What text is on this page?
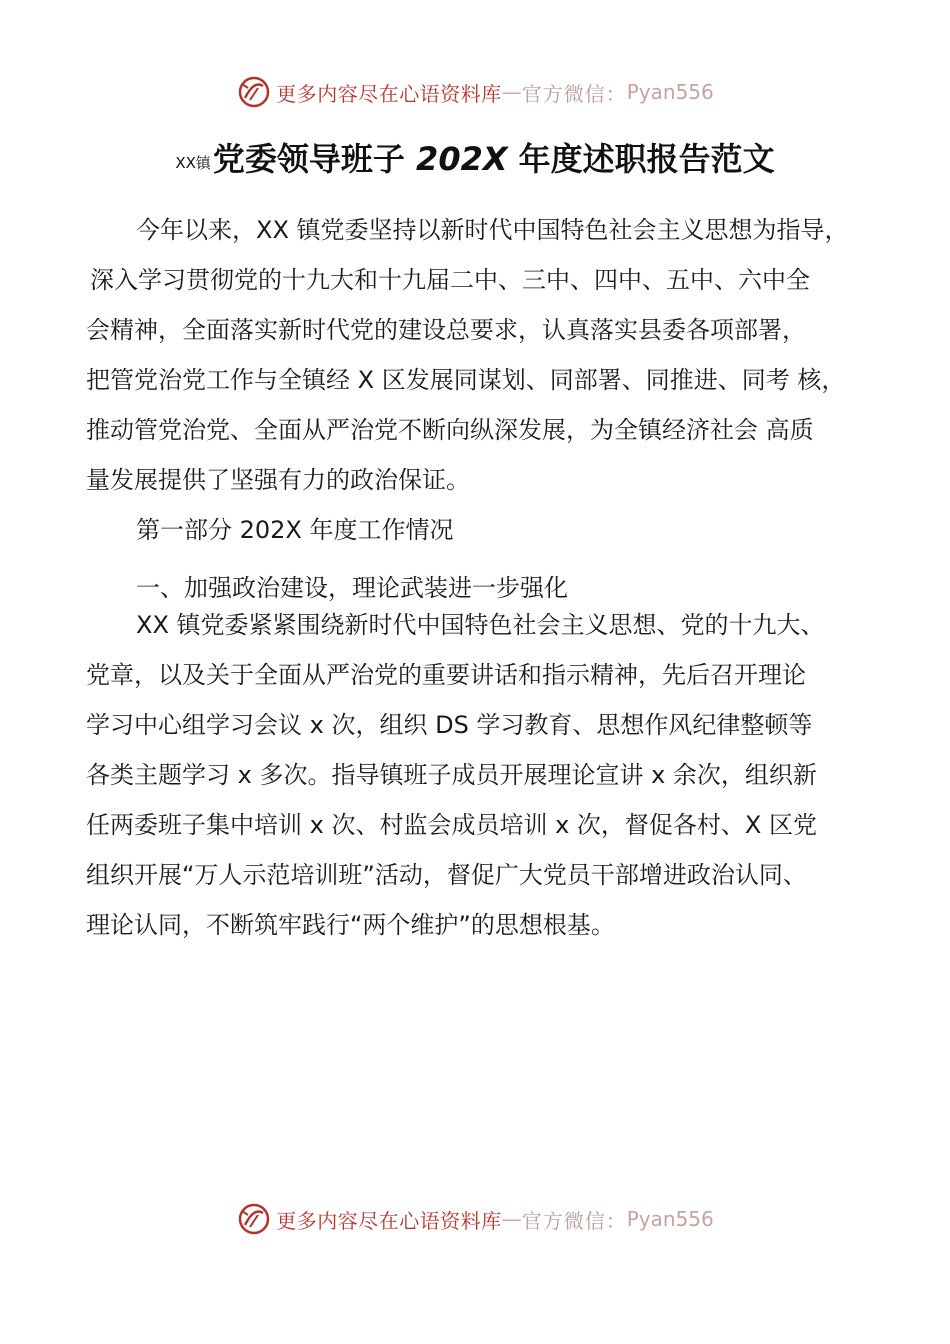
更多内容尽在心语资料库 — 官方微信： Pyan556
XX镇党委领导班子 202X 年度述职报告范文
今年以来，XX 镇党委坚持以新时代中国特色社会主义思想为指导，
深入学习贯彻党的十九大和十九届二中、三中、四中、五中、六中全
会精神，全面落实新时代党的建设总要求，认真落实县委各项部署，
把管党治党工作与全镇经 X 区发展同谋划、同部署、同推进、同考 核，
推动管党治党、全面从严治党不断向纵深发展，为全镇经济社会 高质
量发展提供了坚强有力的政治保证。
第一部分 202X 年度工作情况
一、加强政治建设，理论武装进一步强化
XX 镇党委紧紧围绕新时代中国特色社会主义思想、党的十九大、
党章，以及关于全面从严治党的重要讲话和指示精神，先后召开理论
学习中心组学习会议 x 次，组织 DS 学习教育、思想作风纪律整顿等
各类主题学习 x 多次。指导镇班子成员开展理论宣讲 x 余次，组织新
任两委班子集中培训 x 次、村监会成员培训 x 次，督促各村、X 区党
组织开展“万人示范培训班”活动，督促广大党员干部增进政治认同、
理论认同，不断筑牢践行“两个维护”的思想根基。
更多内容尽在心语资料库 — 官方微信： Pyan556
